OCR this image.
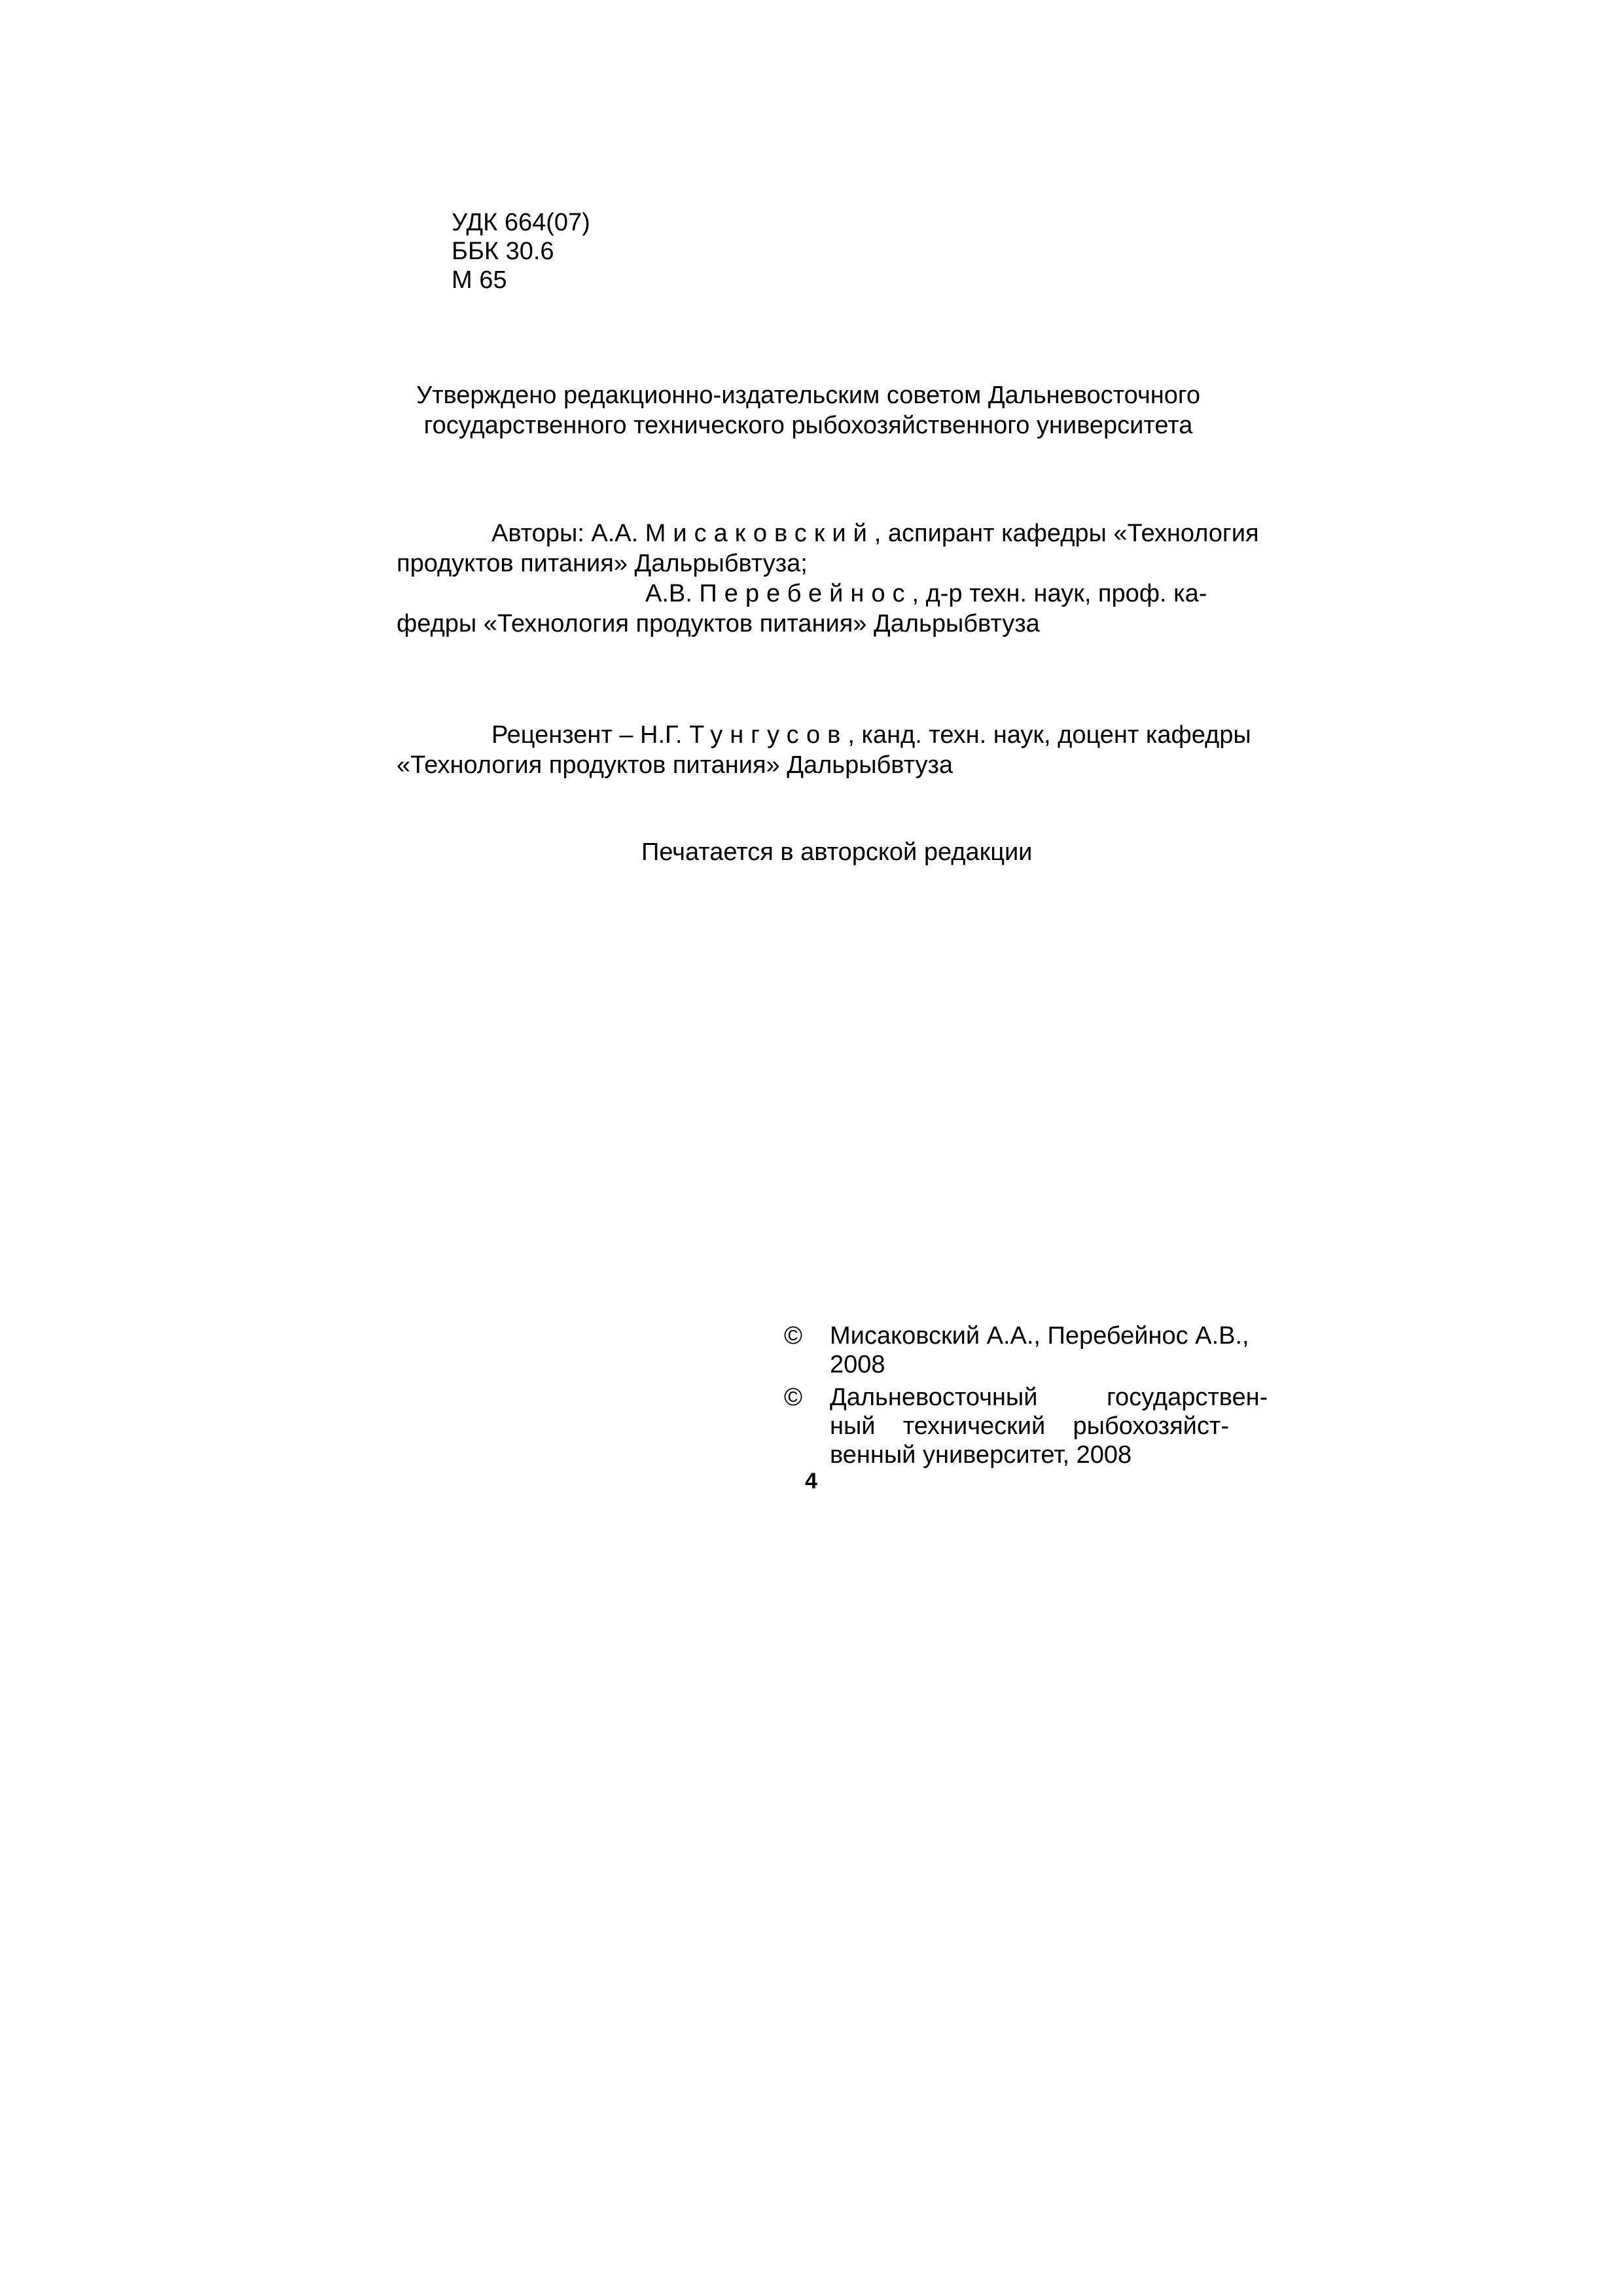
УДК 664(07)
ББК 30.6
М 65
Утверждено редакционно-издательским советом Дальневосточного
государственного технического рыбохозяйственного университета
Авторы: А.А. Мисаковский, аспирант кафедры «Технология
продуктов питания» Дальрыбвтуза;
А.В. Перебейнос, д-р техн. наук, проф. ка-
федры «Технология продуктов питания» Дальрыбвтуза
Рецензент – Н.Г. Тунгусов, канд. техн. наук, доцент кафедры
«Технология продуктов питания» Дальрыбвтуза
Печатается в авторской редакции
©	Мисаковский А.А., Перебейнос А.В.,
2008
©	Дальневосточный          государствен-
ный    технический    рыбохозяйст-
венный университет, 2008
4
